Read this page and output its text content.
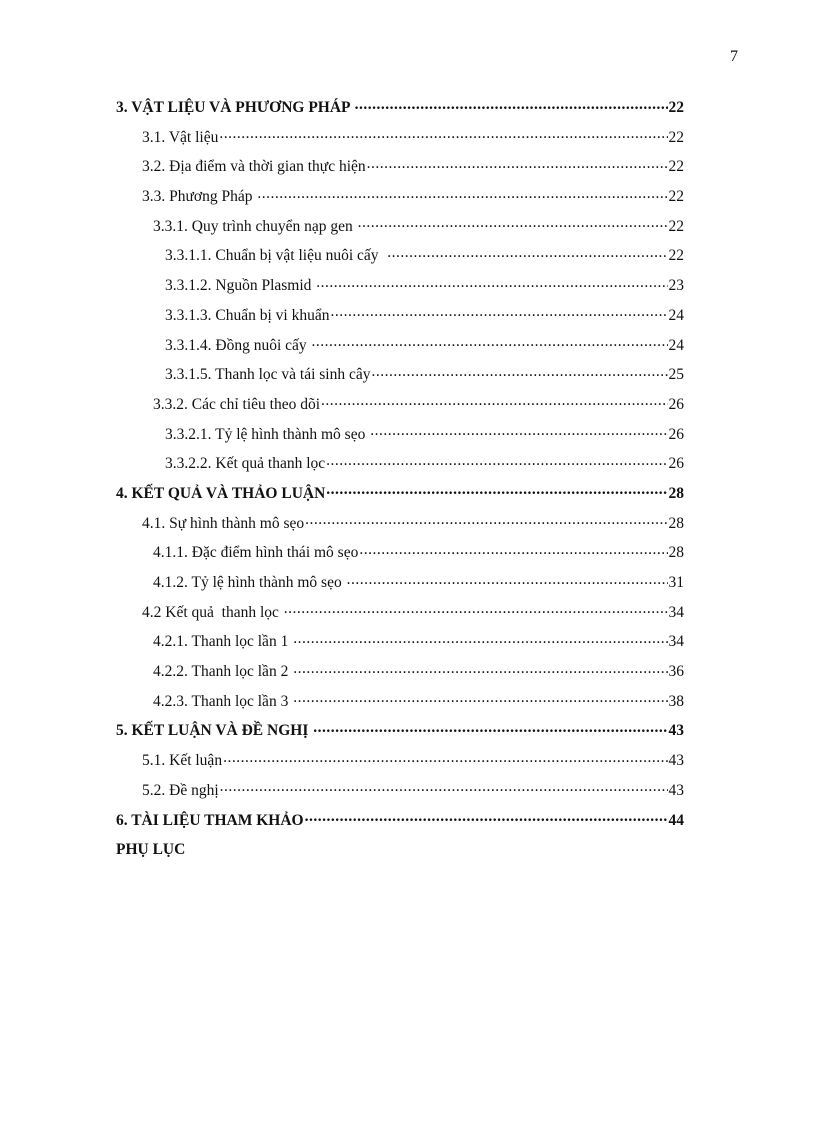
7
3. VẬT LIỆU VÀ PHƯƠNG PHÁP .....	22
3.1. Vật liệu .....	22
3.2. Địa điểm và thời gian thực hiện .....	22
3.3. Phương Pháp .....	22
3.3.1. Quy trình chuyển nạp gen .....	22
3.3.1.1. Chuẩn bị vật liệu nuôi cấy .....	22
3.3.1.2. Nguồn Plasmid .....	23
3.3.1.3. Chuẩn bị vi khuẩn .....	24
3.3.1.4. Đồng nuôi cấy .....	24
3.3.1.5. Thanh lọc và tái sinh cây .....	25
3.3.2. Các chỉ tiêu theo dõi .....	26
3.3.2.1. Tỷ lệ hình thành mô sẹo .....	26
3.3.2.2. Kết quả thanh lọc .....	26
4. KẾT QUẢ VÀ THẢO LUẬN .....	28
4.1. Sự hình thành mô sẹo .....	28
4.1.1. Đặc điểm hình thái mô sẹo .....	28
4.1.2. Tỷ lệ hình thành mô sẹo .....	31
4.2 Kết quả  thanh lọc .....	34
4.2.1. Thanh lọc lần 1 .....	34
4.2.2. Thanh lọc lần 2 .....	36
4.2.3. Thanh lọc lần 3 .....	38
5. KẾT LUẬN VÀ ĐỀ NGHỊ .....	43
5.1. Kết luận .....	43
5.2. Đề nghị .....	43
6. TÀI LIỆU THAM KHẢO .....	44
PHỤ LỤC
